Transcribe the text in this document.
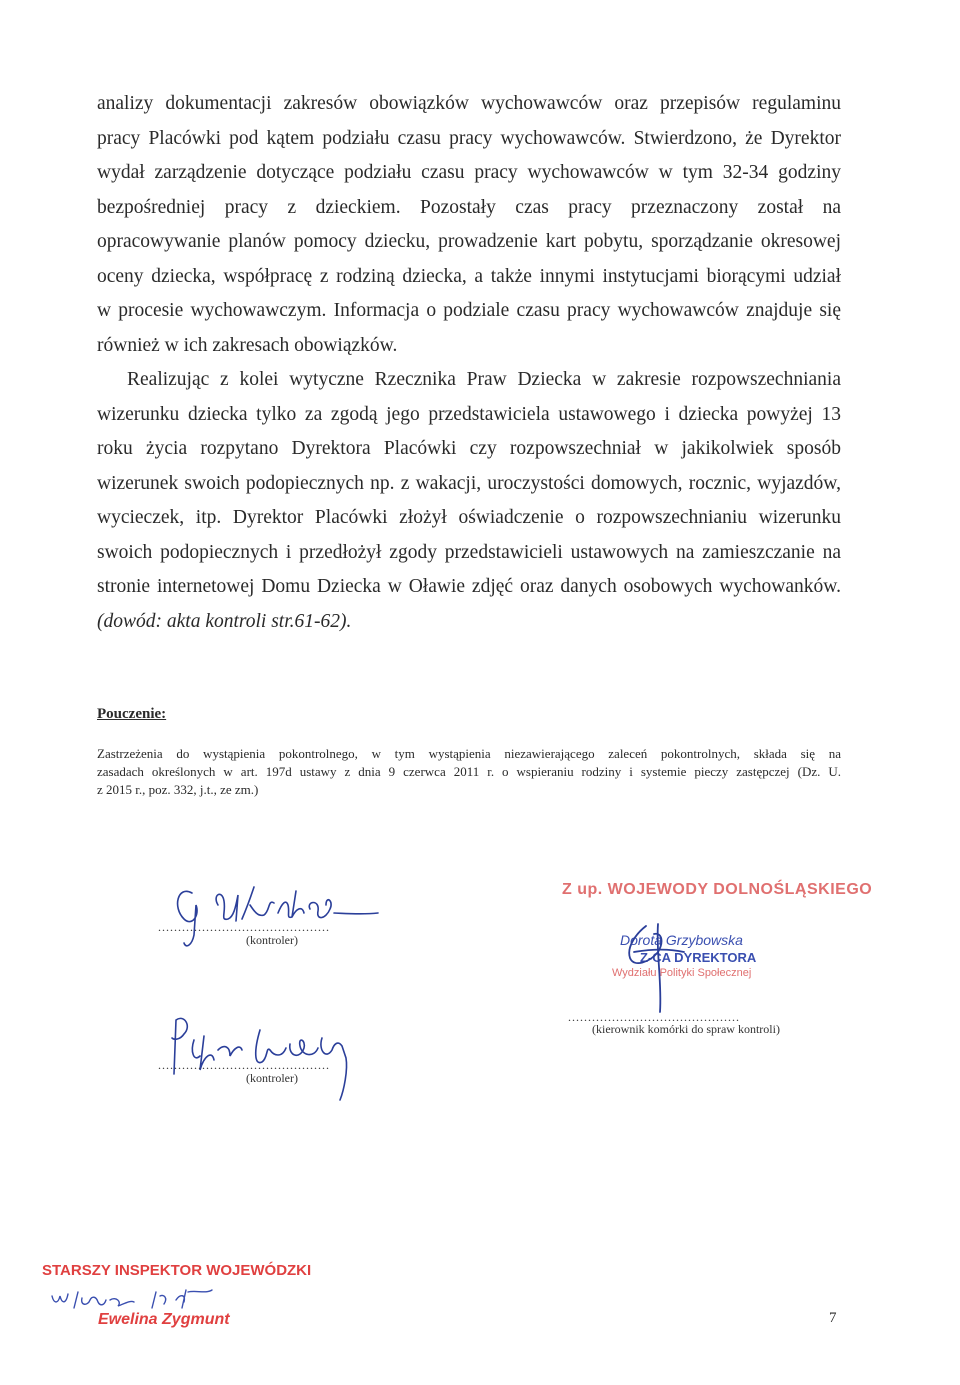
analizy dokumentacji zakresów obowiązków wychowawców oraz przepisów regulaminu
pracy Placówki pod kątem podziału czasu pracy wychowawców. Stwierdzono, że Dyrektor
wydał zarządzenie dotyczące podziału czasu pracy wychowawców w tym 32-34 godziny
bezpośredniej pracy z dzieckiem. Pozostały czas pracy przeznaczony został na
opracowywanie planów pomocy dziecku, prowadzenie kart pobytu, sporządzanie okresowej
oceny dziecka, współpracę z rodziną dziecka, a także innymi instytucjami biorącymi udział
w procesie wychowawczym. Informacja o podziale czasu pracy wychowawców znajduje się
również w ich zakresach obowiązków.
Realizując z kolei wytyczne Rzecznika Praw Dziecka w zakresie rozpowszechniania
wizerunku dziecka tylko za zgodą jego przedstawiciela ustawowego i dziecka powyżej 13
roku życia rozpytano Dyrektora Placówki czy rozpowszechniał w jakikolwiek sposób
wizerunek swoich podopiecznych np. z wakacji, uroczystości domowych, rocznic, wyjazdów,
wycieczek, itp. Dyrektor Placówki złożył oświadczenie o rozpowszechnianiu wizerunku
swoich podopiecznych i przedłożył zgody przedstawicieli ustawowych na zamieszczanie na
stronie internetowej Domu Dziecka w Oławie zdjęć oraz danych osobowych wychowanków.
(dowód: akta kontroli str.61-62).
Pouczenie:
Zastrzeżenia do wystąpienia pokontrolnego, w tym wystąpienia niezawierającego zaleceń pokontrolnych, składa się na
zasadach określonych w art. 197d ustawy z dnia 9 czerwca 2011 r. o wspieraniu rodziny i systemie pieczy zastępczej (Dz. U.
z 2015 r., poz. 332, j.t., ze zm.)
...........................................
(kontroler)
...........................................
(kontroler)
Z up. WOJEWODY DOLNOŚLĄSKIEGO
Dorota Grzybowska
Z-CA DYREKTORA
Wydziału Polityki Społecznej
...........................................
(kierownik komórki do spraw kontroli)
STARSZY INSPEKTOR WOJEWÓDZKI
Ewelina Zygmunt	7
